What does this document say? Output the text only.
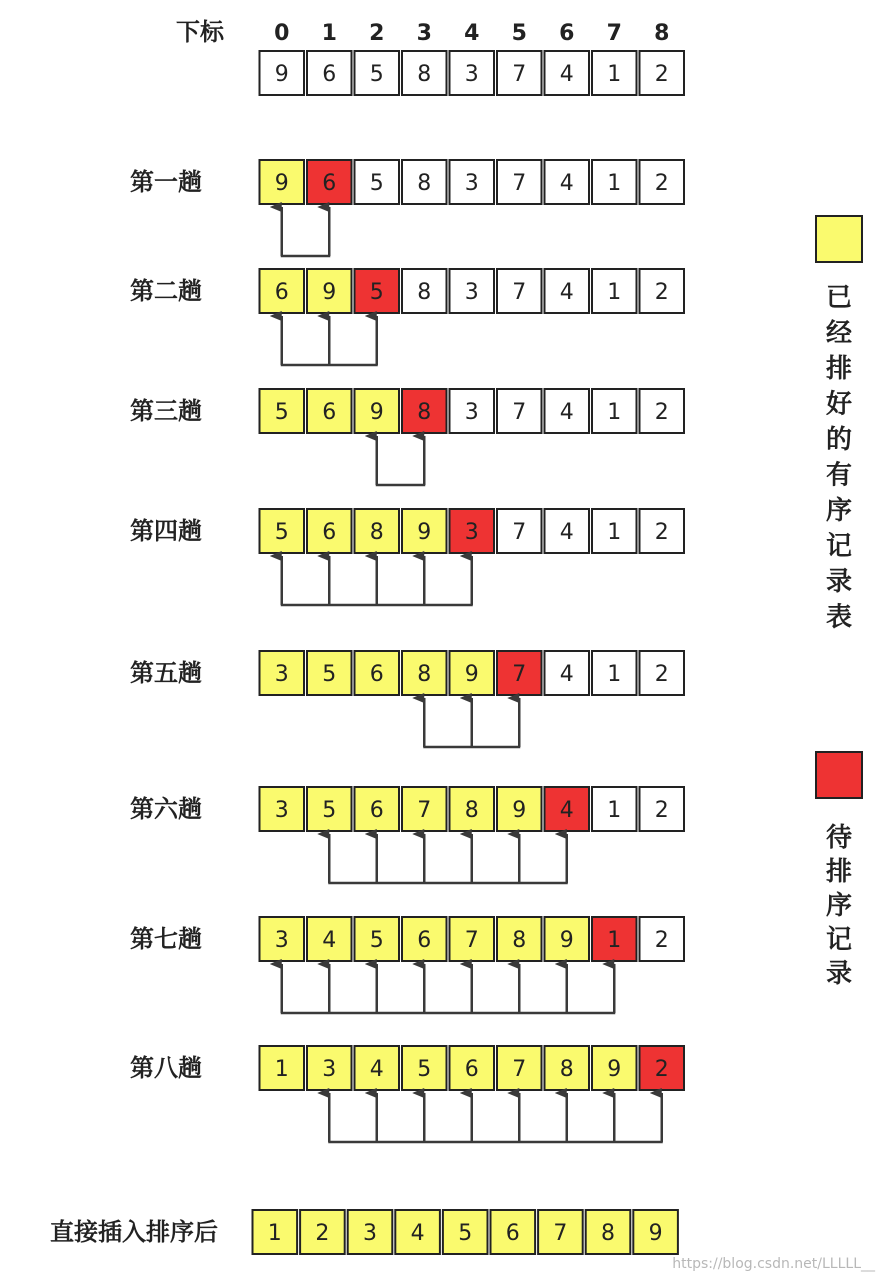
下标 0 1 2 3 4 5 6 7 8
9 6 5 8 3 7 4 1 2
第一趟	9 6 5 8 3 7 4 1 2
第二趟	6 9 5 8 3 7 4 1 2
第三趟	5 6 9 8 3 7 4 1 2
第四趟	5 6 8 9 3 7 4 1 2
第五趟	3 5 6 8 9 7 4 1 2
第六趟	3 5 6 7 8 9 4 1 2
第七趟	3 4 5 6 7 8 9 1 2
第八趟	1 3 4 5 6 7 8 9 2
直接插入排序后 1 2 3 4 5 6 7 8 9
已经排好的有序记录表
待排序记录
https://blog.csdn.net/LLLLL__
